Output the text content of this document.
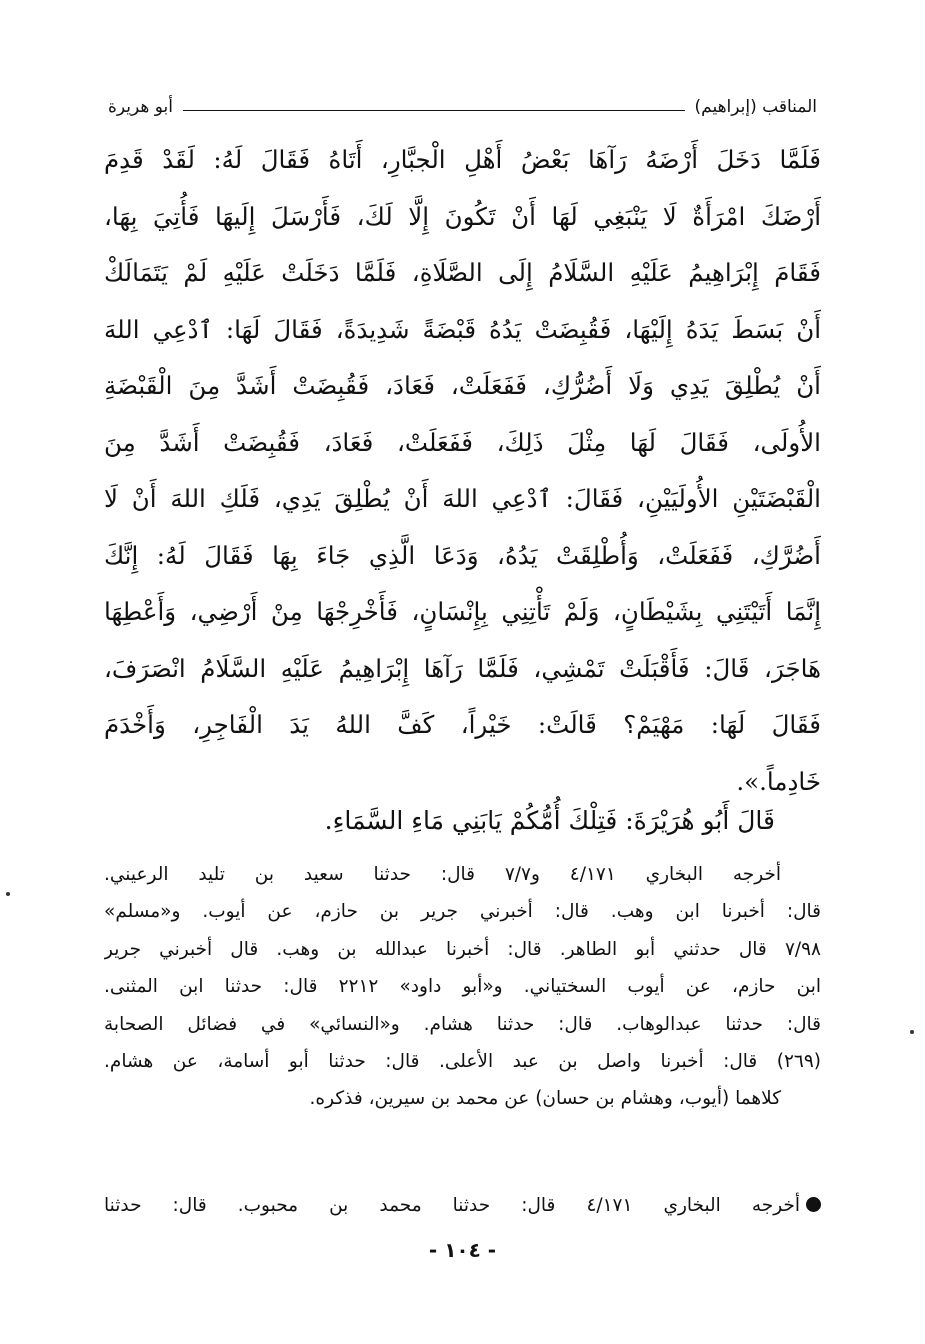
المناقب (إبراهيم)
أبو هريرة
فَلَمَّا دَخَلَ أَرْضَهُ رَآهَا بَعْضُ أَهْلِ الْجبَّارِ، أَتَاهُ فَقَالَ لَهُ: لَقَدْ قَدِمَ
أَرْضَكَ امْرَأَةٌ لَا يَنْبَغِي لَهَا أَنْ تَكُونَ إِلَّا لَكَ، فَأَرْسَلَ إِلَيهَا فَأُتِيَ بِهَا،
فَقَامَ إِبْرَاهِيمُ عَلَيْهِ السَّلَامُ إِلَى الصَّلَاةِ، فَلَمَّا دَخَلَتْ عَلَيْهِ لَمْ يَتَمَالَكْ
أَنْ بَسَطَ يَدَهُ إِلَيْهَا، فَقُبِضَتْ يَدُهُ قَبْضَةً شَدِيدَةً، فَقَالَ لَهَا: ٱدْعِي اللهَ
أَنْ يُطْلِقَ يَدِي وَلَا أَضُرُّكِ، فَفَعَلَتْ، فَعَادَ، فَقُبِضَتْ أَشَدَّ مِنَ الْقَبْضَةِ
الأُولَى، فَقَالَ لَهَا مِثْلَ ذَلِكَ، فَفَعَلَتْ، فَعَادَ، فَقُبِضَتْ أَشَدَّ مِنَ
الْقَبْضَتَيْنِ الأُولَيَيْنِ، فَقَالَ: ٱدْعِي اللهَ أَنْ يُطْلِقَ يَدِي، فَلَكِ اللهَ أَنْ لَا
أَضُرَّكِ، فَفَعَلَتْ، وَأُطْلِقَتْ يَدُهُ، وَدَعَا الَّذِي جَاءَ بِهَا فَقَالَ لَهُ: إِنَّكَ
إِنَّمَا أَتَيْتَنِي بِشَيْطَانٍ، وَلَمْ تَأْتِنِي بِإِنْسَانٍ، فَأَخْرِجْهَا مِنْ أَرْضِي، وَأَعْطِهَا
هَاجَرَ، قَالَ: فَأَقْبَلَتْ تَمْشِي، فَلَمَّا رَآهَا إِبْرَاهِيمُ عَلَيْهِ السَّلَامُ انْصَرَفَ،
فَقَالَ لَهَا: مَهْيَمْ؟ قَالَتْ: خَيْراً، كَفَّ اللهُ يَدَ الْفَاجِرِ، وَأَخْدَمَ
خَادِماً.».
قَالَ أَبُو هُرَيْرَةَ: فَتِلْكَ أُمُّكُمْ يَابَنِي مَاءِ السَّمَاءِ.
أخرجه البخاري ٤/١٧١ و٧/٧ قال: حدثنا سعيد بن تليد الرعيني.
قال: أخبرنا ابن وهب. قال: أخبرني جرير بن حازم، عن أيوب. و«مسلم»
٧/٩٨ قال حدثني أبو الطاهر. قال: أخبرنا عبدالله بن وهب. قال أخبرني جرير
ابن حازم، عن أيوب السختياني. و«أبو داود» ٢٢١٢ قال: حدثنا ابن المثنى.
قال: حدثنا عبدالوهاب. قال: حدثنا هشام. و«النسائي» في فضائل الصحابة
(٢٦٩) قال: أخبرنا واصل بن عبد الأعلى. قال: حدثنا أبو أسامة، عن هشام.
كلاهما (أيوب، وهشام بن حسان) عن محمد بن سيرين، فذكره.
أخرجه البخاري ٤/١٧١ قال: حدثنا محمد بن محبوب. قال: حدثنا
- ١٠٤ -
